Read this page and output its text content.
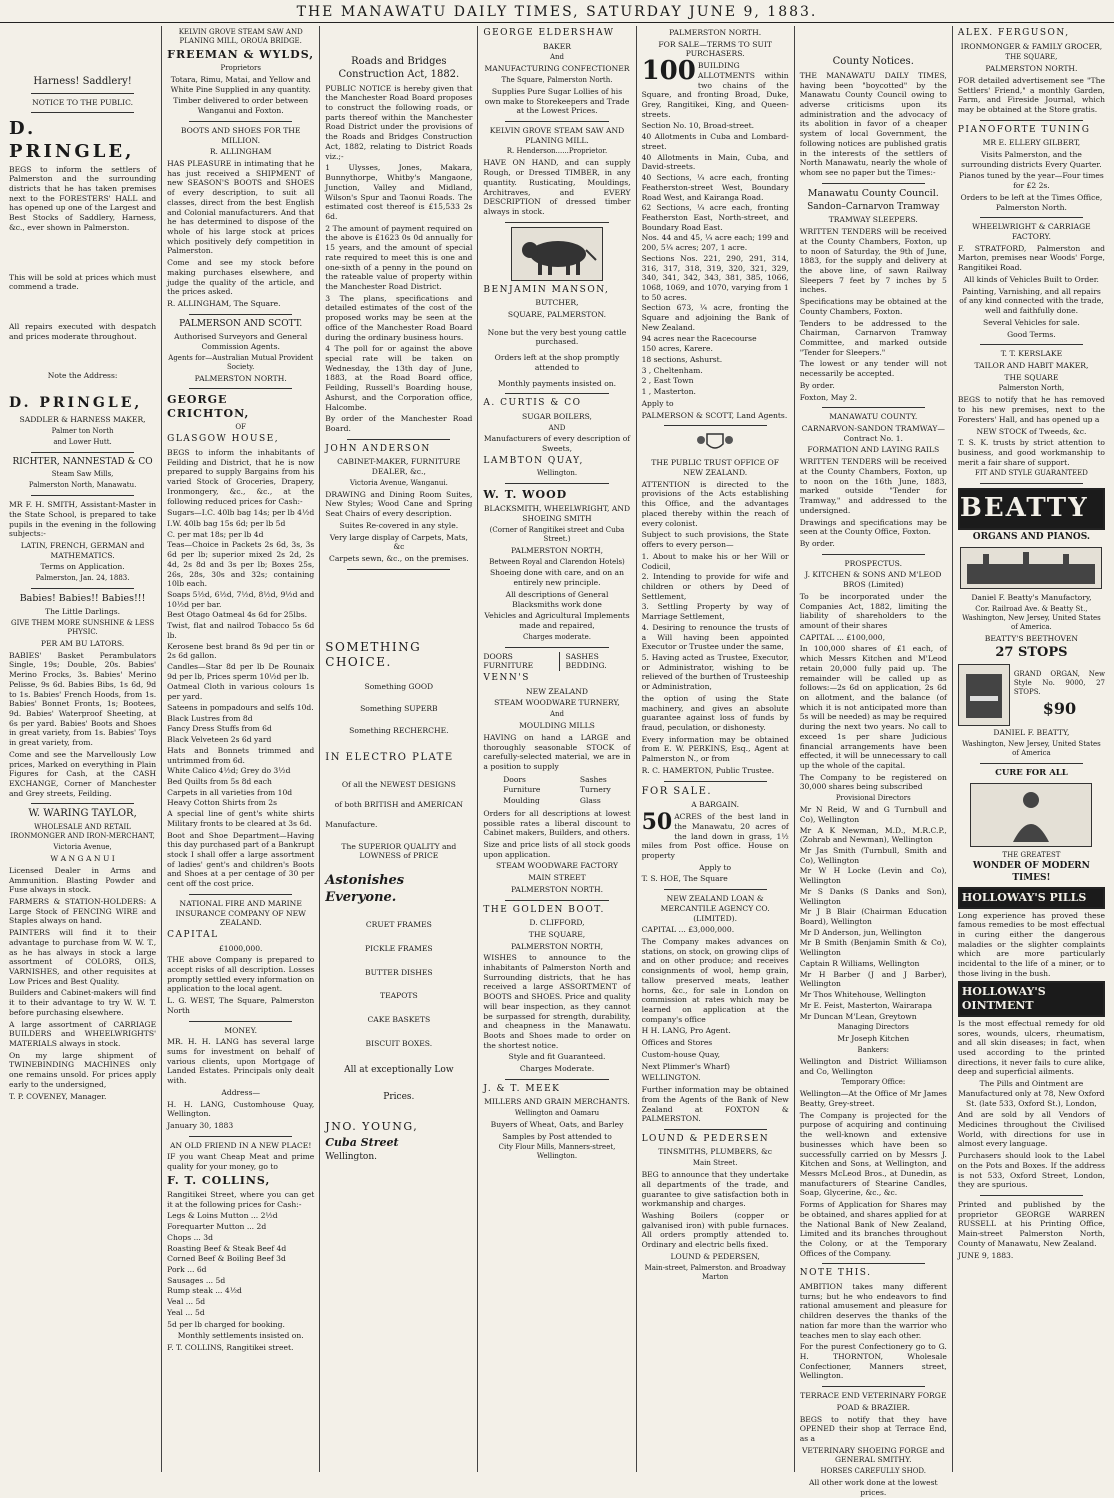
THE MANAWATU DAILY TIMES, SATURDAY JUNE 9, 1883.

Harness! Saddlery!

NOTICE TO THE PUBLIC.

D. PRINGLE,

BEGS to inform the settlers of Palmerston and the surrounding districts that he has taken premises next to the FORESTERS' HALL and has opened up one of the Largest and Best Stocks of Saddlery, Harness, &c., ever shown in Palmerston.

This will be sold at prices which must commend a trade.

All repairs executed with despatch and prices moderate throughout.

Note the Address:

D. PRINGLE,

SADDLER & HARNESS MAKER,

Palmer ton North

and Lower Hutt.

RICHTER, NANNESTAD & CO

Steam Saw Mills,

Palmerston North, Manawatu.

MR F. H. SMITH, Assistant-Master in the State School, is prepared to take pupils in the evening in the following subjects:-

LATIN, FRENCH, GERMAN and MATHEMATICS.

Terms on Application.

Palmerston, Jan. 24, 1883.

Babies! Babies!! Babies!!!

The Little Darlings.

GIVE THEM MORE SUNSHINE & LESS PHYSIC.

PER AM BU LATORS.

BABIES' Basket Perambulators Single, 19s; Double, 20s. Babies' Merino Frocks, 3s. Babies' Merino Pelisse, 9s 6d. Babies Bibs, 1s 6d, 9d to 1s. Babies' French Hoods, from 1s. Babies' Bonnet Fronts, 1s; Bootees, 9d. Babies' Waterproof Sheeting, at 6s per yard. Babies' Boots and Shoes in great variety, from 1s. Babies' Toys in great variety, from.

Come and see the Marvellously Low prices, Marked on everything in Plain Figures for Cash, at the CASH EXCHANGE, Corner of Manchester and Grey streets, Feilding.

W. WARING TAYLOR,

WHOLESALE AND RETAIL IRONMONGER AND IRON-MERCHANT,

Victoria Avenue,

W A N G A N U I

Licensed Dealer in Arms and Ammunition. Blasting Powder and Fuse always in stock.

FARMERS & STATION-HOLDERS: A Large Stock of FENCING WIRE and Staples always on hand.

PAINTERS will find it to their advantage to purchase from W. W. T., as he has always in stock a large assortment of COLORS, OILS, VARNISHES, and other requisites at Low Prices and Best Quality.

Builders and Cabinet-makers will find it to their advantage to try W. W. T. before purchasing elsewhere.

A large assortment of CARRIAGE BUILDERS and WHEELWRIGHTS' MATERIALS always in stock.

On my large shipment of TWINEBINDING MACHINES only one remains unsold. For prices apply early to the undersigned,

T. P. COVENEY, Manager.

KELVIN GROVE STEAM SAW AND PLANING MILL, OROUA BRIDGE.

FREEMAN & WYLDS,

Proprietors

Totara, Rimu, Matai, and Yellow and White Pine Supplied in any quantity.

Timber delivered to order between Wanganui and Foxton.

BOOTS AND SHOES FOR THE MILLION.

R. ALLINGHAM

HAS PLEASURE in intimating that he has just received a SHIPMENT of new SEASON'S BOOTS and SHOES of every description, to suit all classes, direct from the best English and Colonial manufacturers. And that he has determined to dispose of the whole of his large stock at prices which positively defy competition in Palmerston.

Come and see my stock before making purchases elsewhere, and judge the quality of the article, and the prices asked.

R. ALLINGHAM, The Square.

PALMERSON AND SCOTT.

Authorised Surveyors and General Commission Agents.

Agents for—Australian Mutual Provident Society.

PALMERSTON NORTH.

GEORGE CRICHTON,

OF

GLASGOW HOUSE,

BEGS to inform the inhabitants of Feilding and District, that he is now prepared to supply Bargains from his varied Stock of Groceries, Drapery, Ironmongery, &c., &c., at the following reduced prices for Cash:-

Sugars—I.C. 40lb bag 14s; per lb 4½d

I.W. 40lb bag 15s 6d; per lb 5d

C. per mat 18s; per lb 4d

Teas—Choice in Packets 2s 6d, 3s, 3s 6d per lb; superior mixed 2s 2d, 2s 4d, 2s 8d and 3s per lb; Boxes 25s, 26s, 28s, 30s and 32s; containing 10lb each.

Soaps 5½d, 6½d, 7½d, 8½d, 9½d and 10½d per bar.

Best Otago Oatmeal 4s 6d for 25lbs.

Twist, flat and nailrod Tobacco 5s 6d lb.

Kerosene best brand 8s 9d per tin or 2s 6d gallon.

Candles—Star 8d per lb De Rounaix 9d per lb, Prices sperm 10½d per lb.

Oatmeal Cloth in various colours 1s per yard.

Sateens in pompadours and selfs 10d.

Black Lustres from 8d

Fancy Dress Stuffs from 6d

Black Velveteen 2s 6d yard

Hats and Bonnets trimmed and untrimmed from 6d.

White Calico 4½d; Grey do 3½d

Bed Quilts from 5s 8d each

Carpets in all varieties from 10d

Heavy Cotton Shirts from 2s

A special line of gent's white shirts Military fronts to be cleared at 3s 6d.

Boot and Shoe Department—Having this day purchased part of a Bankrupt stock I shall offer a large assortment of ladies' gent's and children's Boots and Shoes at a per centage of 30 per cent off the cost price.

NATIONAL FIRE AND MARINE INSURANCE COMPANY OF NEW ZEALAND.

CAPITAL

£1000,000.

THE above Company is prepared to accept risks of all description. Losses promptly settled every information on application to the local agent.

L. G. WEST, The Square, Palmerston North

MONEY.

MR. H. H. LANG has several large sums for investment on behalf of various clients, upon Mortgage of Landed Estates. Principals only dealt with.

Address—

H. H. LANG, Customhouse Quay, Wellington.

January 30, 1883

AN OLD FRIEND IN A NEW PLACE!

IF you want Cheap Meat and prime quality for your money, go to

F. T. COLLINS,

Rangitikei Street, where you can get it at the following prices for Cash:-

Legs & Loins Mutton ... 2½d

Forequarter Mutton ... 2d

Chops ... 3d

Roasting Beef & Steak Beef 4d

Corned Beef & Boiling Beef 3d

Pork ... 6d

Sausages ... 5d

Rump steak ... 4½d

Veal ... 5d

Yeal ... 5d

5d per lb charged for booking.

Monthly settlements insisted on.

F. T. COLLINS, Rangitikei street.

Roads and Bridges Construction Act, 1882.

PUBLIC NOTICE is hereby given that the Manchester Road Board proposes to construct the following roads, or parts thereof within the Manchester Road District under the provisions of the Roads and Bridges Construction Act, 1882, relating to District Roads viz.;-

1 Ulysses, Jones, Makara, Bunnythorpe, Whitby's Mangaone, Junction, Valley and Midland, Wilson's Spur and Taonui Roads. The estimated cost thereof is £15,533 2s 6d.

2 The amount of payment required on the above is £1623 0s 0d annually for 15 years, and the amount of special rate required to meet this is one and one-sixth of a penny in the pound on the rateable value of property within the Manchester Road District.

3 The plans, specifications and detailed estimates of the cost of the proposed works may be seen at the office of the Manchester Road Board during the ordinary business hours.

4 The poll for or against the above special rate will be taken on Wednesday, the 13th day of June, 1883, at the Road Board office, Feilding, Russell's Boarding house, Ashurst, and the Corporation office, Halcombe.

By order of the Manchester Road Board.

JOHN ANDERSON

CABINET-MAKER, FURNITURE DEALER, &c.,

Victoria Avenue, Wanganui.

DRAWING and Dining Room Suites, New Styles; Wood Cane and Spring Seat Chairs of every description.

Suites Re-covered in any style.

Very large display of Carpets, Mats, &c

Carpets sewn, &c., on the premises.

SOMETHING CHOICE.

Something GOOD

Something SUPERB

Something RECHERCHE.

IN ELECTRO PLATE

Of all the NEWEST DESIGNS

of both BRITISH and AMERICAN

Manufacture.

The SUPERIOR QUALITY and LOWNESS of PRICE

Astonishes Everyone.

CRUET FRAMES

PICKLE FRAMES

BUTTER DISHES

TEAPOTS

CAKE BASKETS

BISCUIT BOXES.

All at exceptionally Low

Prices.

JNO. YOUNG,

Cuba Street

Wellington.

GEORGE ELDERSHAW

BAKER

And

MANUFACTURING CONFECTIONER

The Square, Palmerston North.

Supplies Pure Sugar Lollies of his own make to Storekeepers and Trade at the Lowest Prices.

KELVIN GROVE STEAM SAW AND PLANING MILL.

R. Henderson......Proprietor.

HAVE ON HAND, and can supply Rough, or Dressed TIMBER, in any quantity. Rusticating, Mouldings, Architraves, and EVERY DESCRIPTION of dressed timber always in stock.

BENJAMIN MANSON,

BUTCHER,

SQUARE, PALMERSTON.

None but the very best young cattle purchased.

Orders left at the shop promptly attended to

Monthly payments insisted on.

A. CURTIS & CO

SUGAR BOILERS,

AND

Manufacturers of every description of Sweets,

LAMBTON QUAY,

Wellington.

W. T. WOOD

BLACKSMITH, WHEELWRIGHT, AND SHOEING SMITH

(Corner of Rangitikei street and Cuba Street.)

PALMERSTON NORTH,

Between Royal and Clarendon Hotels)

Shoeing done with care, and on an entirely new principle.

All descriptions of General Blacksmiths work done

Vehicles and Agricultural Implements made and repaired,

Charges moderate.

DOORS FURNITURE
SASHES BEDDING.

VENN'S

NEW ZEALAND

STEAM WOODWARE TURNERY,

And

MOULDING MILLS

HAVING on hand a LARGE and thoroughly seasonable STOCK of carefully-selected material, we are in a position to supply

Doors

Furniture

Moulding

Sashes

Turnery

Glass

Orders for all descriptions at lowest possible rates a liberal discount to Cabinet makers, Builders, and others.

Size and price lists of all stock goods upon application.

STEAM WOODWARE FACTORY

MAIN STREET

PALMERSTON NORTH.

THE GOLDEN BOOT.

D. CLIFFORD,

THE SQUARE,

PALMERSTON NORTH,

WISHES to announce to the inhabitants of Palmerston North and Surrounding districts, that he has received a large ASSORTMENT of BOOTS and SHOES. Price and quality will bear inspection, as they cannot be surpassed for strength, durability, and cheapness in the Manawatu. Boots and Shoes made to order on the shortest notice.

Style and fit Guaranteed.

Charges Moderate.

J. & T. MEEK

MILLERS AND GRAIN MERCHANTS.

Wellington and Oamaru

Buyers of Wheat, Oats, and Barley

Samples by Post attended to

City Flour Mills, Manners-street, Wellington.

PALMERSTON NORTH.

FOR SALE—TERMS TO SUIT PURCHASERS.

100 BUILDING ALLOTMENTS within two chains of the Square, and fronting Broad, Duke, Grey, Rangitikei, King, and Queen-streets.

Section No. 10, Broad-street.

40 Allotments in Cuba and Lombard-street.

40 Allotments in Main, Cuba, and David-streets.

40 Sections, ¼ acre each, fronting Featherston-street West, Boundary Road West, and Kairanga Road.

62 Sections, ¼ acre each, fronting Featherston East, North-street, and Boundary Road East.

Nos. 44 and 45, ¼ acre each; 199 and 200, 5¼ acres; 207, 1 acre.

Sections Nos. 221, 290, 291, 314, 316, 317, 318, 319, 320, 321, 329, 340, 341, 342, 343, 381, 385, 1066, 1068, 1069, and 1070, varying from 1 to 50 acres.

Section 673, ¼ acre, fronting the Square and adjoining the Bank of New Zealand.

94 acres near the Racecourse

150 acres, Karere.

18 sections, Ashurst.

3 , Cheltenham.

2 , East Town

1 , Masterton.

Apply to

PALMERSON & SCOTT, Land Agents.

THE PUBLIC TRUST OFFICE OF NEW ZEALAND.

ATTENTION is directed to the provisions of the Acts establishing this Office, and the advantages placed thereby within the reach of every colonist.

Subject to such provisions, the State offers to every person—

1. About to make his or her Will or Codicil,

2. Intending to provide for wife and children or others by Deed of Settlement,

3. Settling Property by way of Marriage Settlement,

4. Desiring to renounce the trusts of a Will having been appointed Executor or Trustee under the same,

5. Having acted as Trustee, Executor, or Administrator, wishing to be relieved of the burthen of Trusteeship or Administration,

the option of using the State machinery, and gives an absolute guarantee against loss of funds by fraud, peculation, or dishonesty.

Every information may be obtained from E. W. PERKINS, Esq., Agent at Palmerston N., or from

R. C. HAMERTON, Public Trustee.

FOR SALE.

A BARGAIN.

50 ACRES of the best land in the Manawatu, 20 acres of the land down in grass, 1½ miles from Post office. House on property

Apply to

T. S. HOE, The Square

NEW ZEALAND LOAN & MERCANTILE AGENCY CO. (LIMITED).

CAPITAL ... £3,000,000.

The Company makes advances on stations, on stock, on growing clips of and on other produce; and receives consignments of wool, hemp grain, tallow preserved meats, leather horns, &c., for sale in London on commission at rates which may be learned on application at the company's office

H H. LANG, Pro Agent.

Offices and Stores

Custom-house Quay,

Next Plimmer's Wharf)

WELLINGTON.

Further information may be obtained from the Agents of the Bank of New Zealand at FOXTON & PALMERSTON.

LOUND & PEDERSEN

TINSMITHS, PLUMBERS, &c

Main Street.

BEG to announce that they undertake all departments of the trade, and guarantee to give satisfaction both in workmanship and charges.

Washing Boilers (copper or galvanised iron) with puble furnaces. All orders promptly attended to. Ordinary and electric bells fixed.

LOUND & PEDERSEN,

Main-street, Palmerston. and Broadway Marton

County Notices.

THE MANAWATU DAILY TIMES, having been "boycotted" by the Manawatu County Council owing to adverse criticisms upon its administration and the advocacy of its abolition in favor of a cheaper system of local Government, the following notices are published gratis in the interests of the settlers of North Manawatu, nearly the whole of whom see no paper but the Times:-

Manawatu County Council.

Sandon–Carnarvon Tramway

TRAMWAY SLEEPERS.

WRITTEN TENDERS will be received at the County Chambers, Foxton, up to noon of Saturday, the 9th of June, 1883, for the supply and delivery at the above line, of sawn Railway Sleepers 7 feet by 7 inches by 5 inches.

Specifications may be obtained at the County Chambers, Foxton.

Tenders to be addressed to the Chairman, Carnarvon Tramway Committee, and marked outside "Tender for Sleepers."

The lowest or any tender will not necessarily be accepted.

By order.

Foxton, May 2.

MANAWATU COUNTY.

CARNARVON-SANDON TRAMWAY—Contract No. 1.

FORMATION AND LAYING RAILS

WRITTEN TENDERS will be received at the County Chambers, Foxton, up to noon on the 16th June, 1883, marked outside "Tender for Tramway," and addressed to the undersigned.

Drawings and specifications may be seen at the County Office, Foxton.

By order.

PROSPECTUS.

J. KITCHEN & SONS AND M'LEOD BROS (Limited)

To be incorporated under the Companies Act, 1882, limiting the liability of shareholders to the amount of their shares

CAPITAL ... £100,000,

In 100,000 shares of £1 each, of which Messrs Kitchen and M'Leod retain 20,000 fully paid up. The remainder will be called up as follows:—2s 6d on application, 2s 6d on allotment, and the balance (of which it is not anticipated more than 5s will be needed) as may be required during the next two years. No call to exceed 1s per share Judicious financial arrangements have been effected, it will be unnecessary to call up the whole of the capital.

The Company to be registered on 30,000 shares being subscribed

Provisional Directors

Mr N Reid, W and G Turnbull and Co), Wellington

Mr A K Newman, M.D., M.R.C.P., (Zohrab and Newman), Wellington

Mr Jas Smith (Turnbull, Smith and Co), Wellington

Mr W H Locke (Levin and Co), Wellington

Mr S Danks (S Danks and Son), Wellington

Mr J B Blair (Chairman Education Board), Wellington

Mr D Anderson, jun, Wellington

Mr B Smith (Benjamin Smith & Co), Wellington

Captain R Williams, Wellington

Mr H Barber (J and J Barber), Wellington

Mr Thos Whitehouse, Wellington

Mr E. Feist, Masterton, Wairarapa

Mr Duncan M'Lean, Greytown

Managing Directors

Mr Joseph Kitchen

Bankers:

Wellington and District Williamson and Co, Wellington

Temporary Office:

Wellington—At the Office of Mr James Beatty, Grey-street.

The Company is projected for the purpose of acquiring and continuing the well-known and extensive businesses which have been so successfully carried on by Messrs J. Kitchen and Sons, at Wellington, and Messrs McLeod Bros., at Dunedin, as manufacturers of Stearine Candles, Soap, Glycerine, &c., &c.

Forms of Application for Shares may be obtained, and shares applied for at the National Bank of New Zealand, Limited and its branches throughout the Colony, or at the Temporary Offices of the Company.

NOTE THIS.

AMBITION takes many different turns; but he who endeavors to find rational amusement and pleasure for children deserves the thanks of the nation far more than the warrior who teaches men to slay each other.

For the purest Confectionery go to G. H. THORNTON, Wholesale Confectioner, Manners street, Wellington.

TERRACE END VETERINARY FORGE

POAD & BRAZIER.

BEGS to notify that they have OPENED their shop at Terrace End, as a

VETERINARY SHOEING FORGE and GENERAL SMITHY.

HORSES CAREFULLY SHOD.

All other work done at the lowest prices.

ALEX. FERGUSON,

IRONMONGER & FAMILY GROCER,

THE SQUARE,

PALMERSTON NORTH.

FOR detailed advertisement see "The Settlers' Friend," a monthly Garden, Farm, and Fireside Journal, which may be obtained at the Store gratis.

PIANOFORTE TUNING

MR E. ELLERY GILBERT,

Visits Palmerston, and the surrounding districts Every Quarter.

Pianos tuned by the year—Four times for £2 2s.

Orders to be left at the Times Office, Palmerston North.

WHEELWRIGHT & CARRIAGE FACTORY.

F. STRATFORD, Palmerston and Marton, premises near Woods' Forge, Rangitikei Road.

All kinds of Vehicles Built to Order.

Painting, Varnishing, and all repairs of any kind connected with the trade, well and faithfully done.

Several Vehicles for sale.

Good Terms.

T. T. KERSLAKE

TAILOR AND HABIT MAKER,

THE SQUARE

Palmerston North,

BEGS to notify that he has removed to his new premises, next to the Foresters' Hall, and has opened up a

NEW STOCK of Tweeds, &c.

T. S. K. trusts by strict attention to business, and good workmanship to merit a fair share of support.

FIT AND STYLE GUARANTEED

BEATTY

ORGANS AND PIANOS.

Daniel F. Beatty's Manufactory,

Cor. Railroad Ave. & Beatty St., Washington, New Jersey, United States of America.

BEATTY'S BEETHOVEN

27 STOPS

GRAND ORGAN, New Style No. 9000, 27 STOPS.

$90

DANIEL F. BEATTY,

Washington, New Jersey, United States of America

CURE FOR ALL

THE GREATEST

WONDER OF MODERN TIMES!

HOLLOWAY'S PILLS

Long experience has proved these famous remedies to be most effectual in curing either the dangerous maladies or the slighter complaints which are more particularly incidental to the life of a miner, or to those living in the bush.

HOLLOWAY'S OINTMENT

Is the most effectual remedy for old sores, wounds, ulcers, rheumatism, and all skin diseases; in fact, when used according to the printed directions, it never fails to cure alike, deep and superficial ailments.

The Pills and Ointment are Manufactured only at 78, New Oxford St. (late 533, Oxford St.), London,

And are sold by all Vendors of Medicines throughout the Civilised World, with directions for use in almost every language.

Purchasers should look to the Label on the Pots and Boxes. If the address is not 533, Oxford Street, London, they are spurious.

Printed and published by the proprietor GEORGE WARREN RUSSELL at his Printing Office, Main-street Palmerston North, County of Manawatu, New Zealand.

JUNE 9, 1883.
